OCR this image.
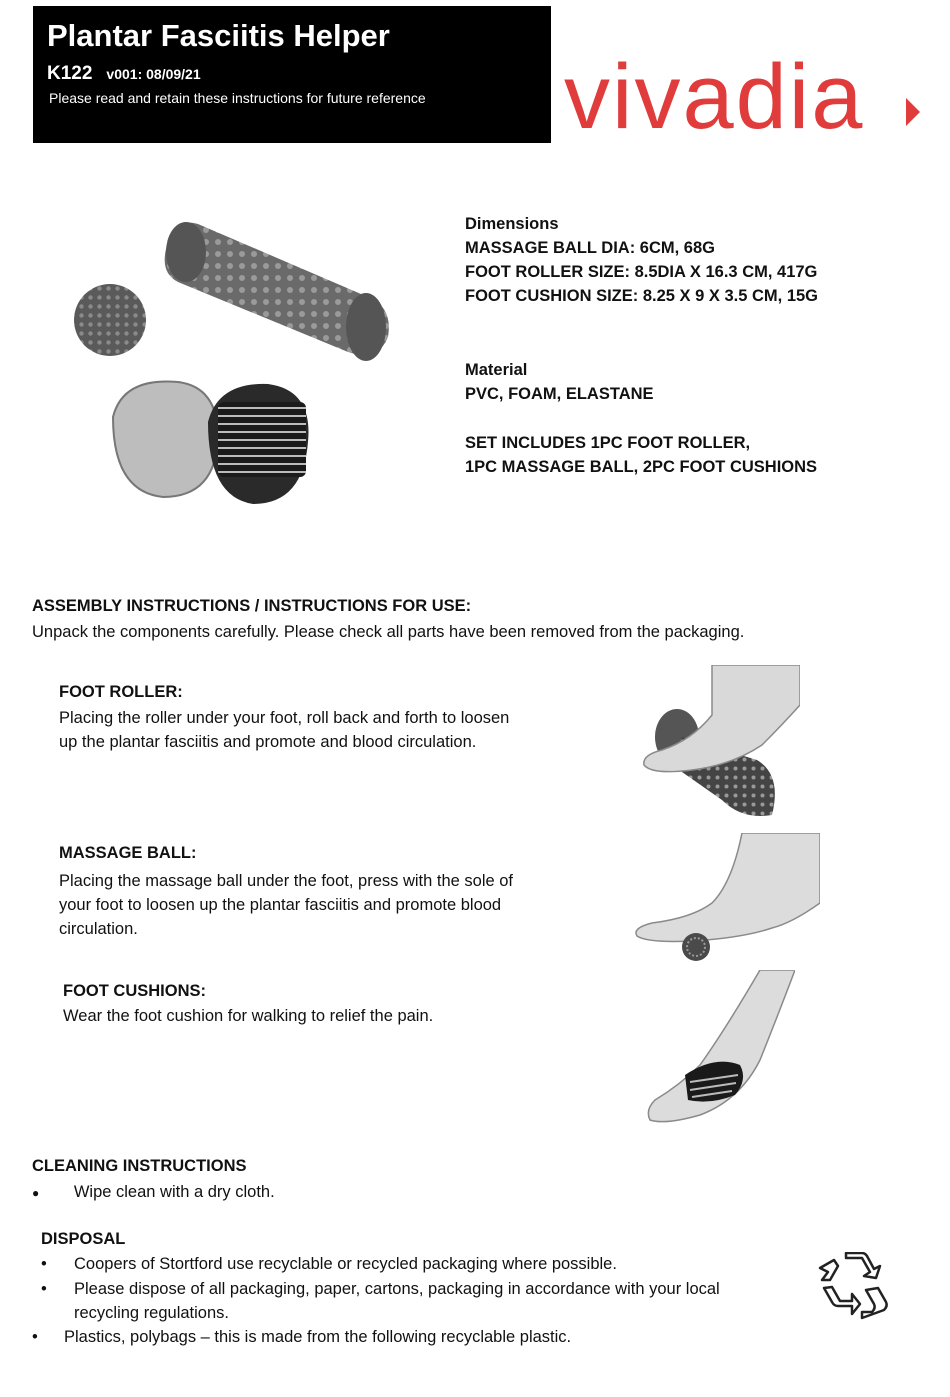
Plantar Fasciitis Helper
K122 v001: 08/09/21
Please read and retain these instructions for future reference vivadia
Dimensions
MASSAGE BALL DIA: 6CM, 68G
FOOT ROLLER SIZE: 8.5DIA X 16.3 CM, 417G
FOOT CUSHION SIZE: 8.25 X 9 X 3.5 CM, 15G
Material
PVC, FOAM, ELASTANE
SET INCLUDES 1PC FOOT ROLLER,
1PC MASSAGE BALL, 2PC FOOT CUSHIONS
ASSEMBLY INSTRUCTIONS / INSTRUCTIONS FOR USE:
Unpack the components carefully. Please check all parts have been removed from the packaging.
FOOT ROLLER:
Placing the roller under your foot, roll back and forth to loosen
up the plantar fasciitis and promote and blood circulation.
MASSAGE BALL:
Placing the massage ball under the foot, press with the sole of
your foot to loosen up the plantar fasciitis and promote blood
circulation.
FOOT CUSHIONS:
Wear the foot cushion for walking to relief the pain.
CLEANING INSTRUCTIONS
● Wipe clean with a dry cloth.
DISPOSAL
• Coopers of Stortford use recyclable or recycled packaging where possible.
• Please dispose of all packaging, paper, cartons, packaging in accordance with your local
recycling regulations.
• Plastics, polybags – this is made from the following recyclable plastic.
